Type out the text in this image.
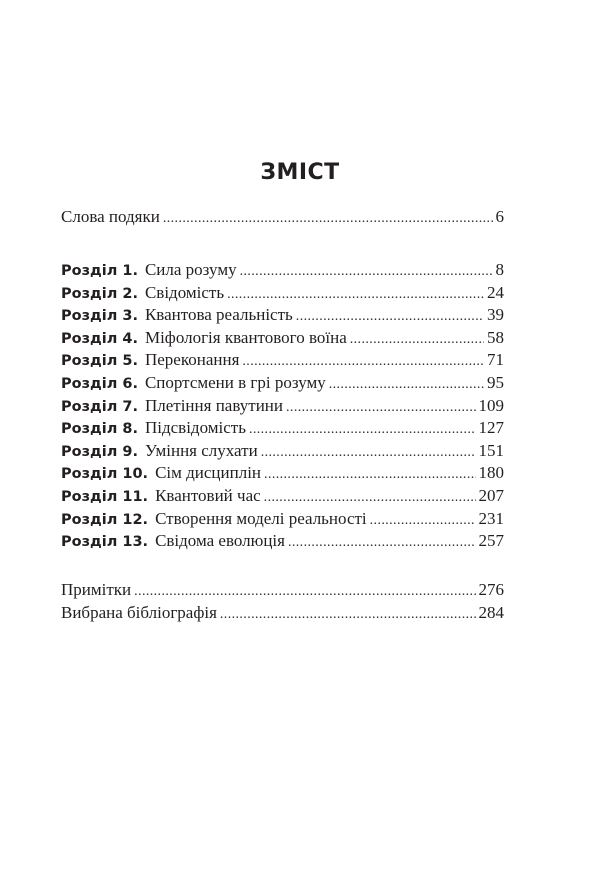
ЗМІСТ
Слова подяки .....	6
Розділ 1. Сила розуму .....	8
Розділ 2. Свідомість .....	24
Розділ 3. Квантова реальність .....	39
Розділ 4. Міфологія квантового воїна .....	58
Розділ 5. Переконання .....	71
Розділ 6. Спортсмени в грі розуму .....	95
Розділ 7. Плетіння павутини .....	109
Розділ 8. Підсвідомість .....	127
Розділ 9. Уміння слухати .....	151
Розділ 10. Сім дисциплін .....	180
Розділ 11. Квантовий час .....	207
Розділ 12. Створення моделі реальності .....	231
Розділ 13. Свідома еволюція .....	257
Примітки .....	276
Вибрана бібліографія .....	284
